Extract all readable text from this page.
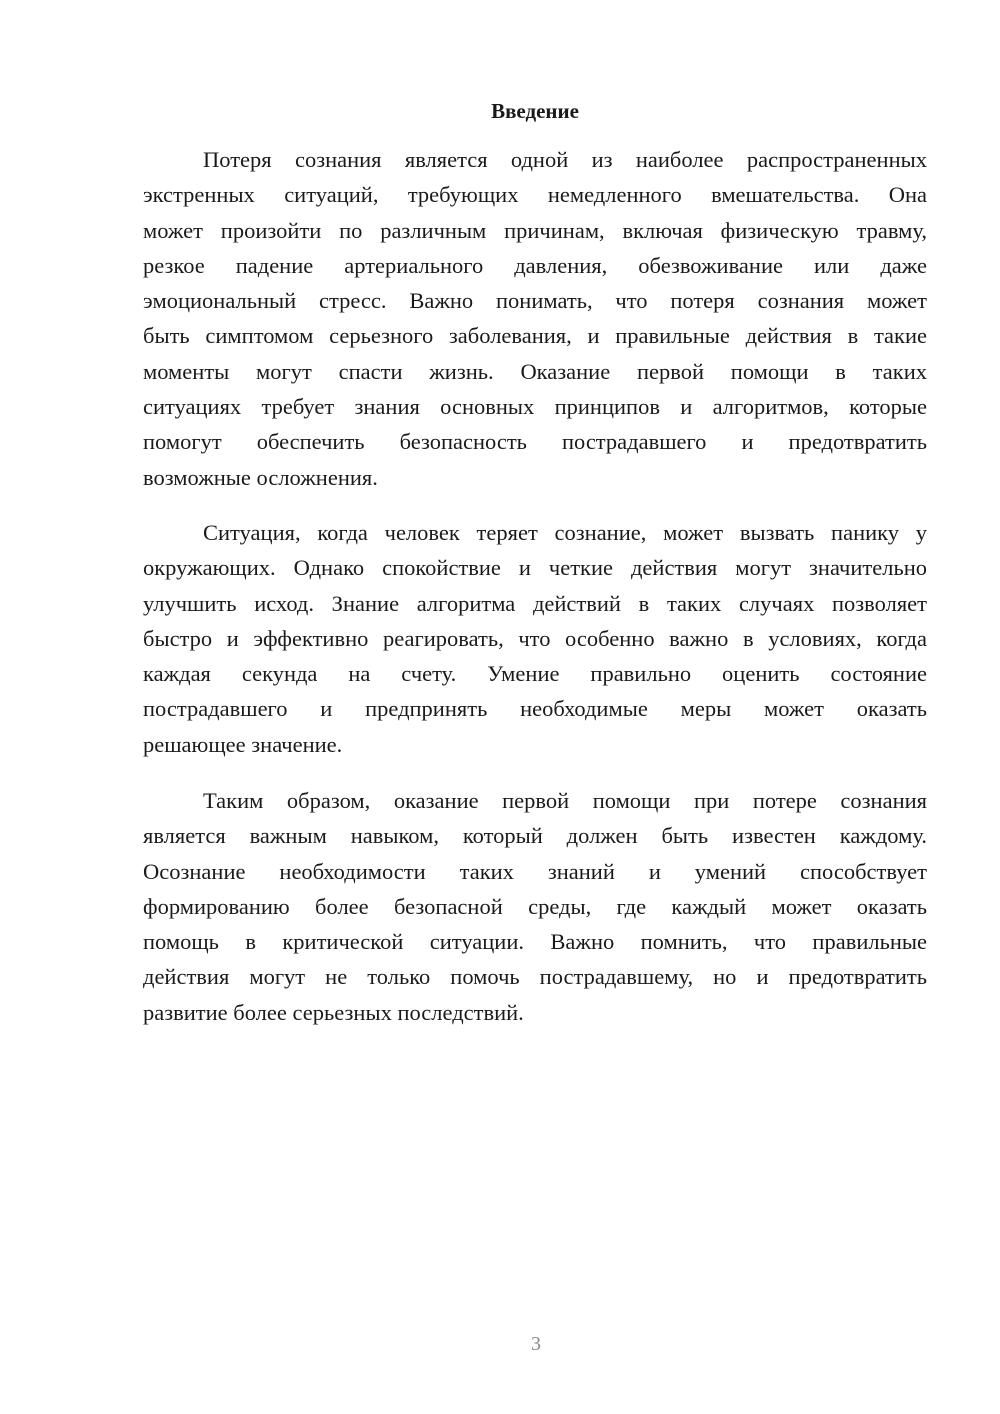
Введение
Потеря сознания является одной из наиболее распространенных
экстренных ситуаций, требующих немедленного вмешательства. Она
может произойти по различным причинам, включая физическую травму,
резкое падение артериального давления, обезвоживание или даже
эмоциональный стресс. Важно понимать, что потеря сознания может
быть симптомом серьезного заболевания, и правильные действия в такие
моменты могут спасти жизнь. Оказание первой помощи в таких
ситуациях требует знания основных принципов и алгоритмов, которые
помогут обеспечить безопасность пострадавшего и предотвратить
возможные осложнения.
Ситуация, когда человек теряет сознание, может вызвать панику у
окружающих. Однако спокойствие и четкие действия могут значительно
улучшить исход. Знание алгоритма действий в таких случаях позволяет
быстро и эффективно реагировать, что особенно важно в условиях, когда
каждая секунда на счету. Умение правильно оценить состояние
пострадавшего и предпринять необходимые меры может оказать
решающее значение.
Таким образом, оказание первой помощи при потере сознания
является важным навыком, который должен быть известен каждому.
Осознание необходимости таких знаний и умений способствует
формированию более безопасной среды, где каждый может оказать
помощь в критической ситуации. Важно помнить, что правильные
действия могут не только помочь пострадавшему, но и предотвратить
развитие более серьезных последствий.
3
